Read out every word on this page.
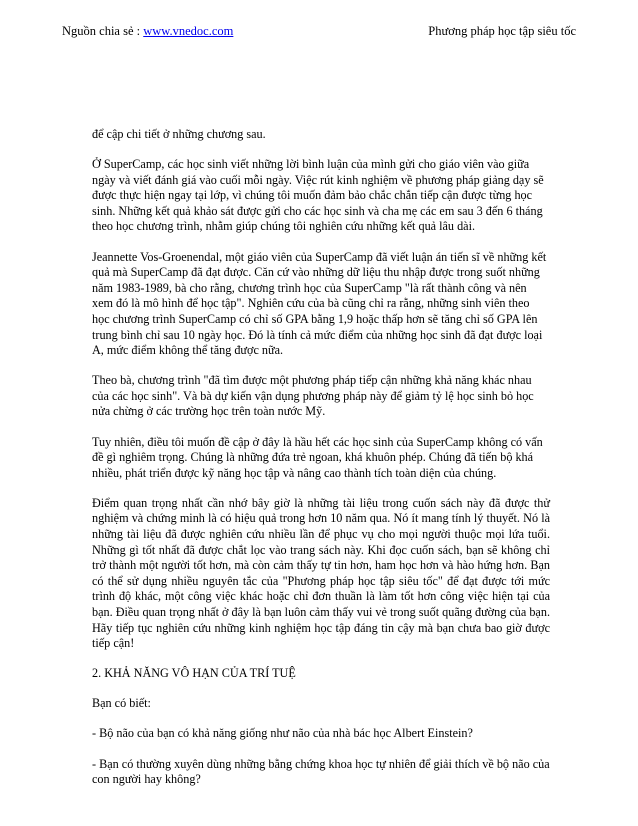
Nguồn chia sẻ : www.vnedoc.com	Phương pháp học tập siêu tốc

để cập chi tiết ở những chương sau.

Ở SuperCamp, các học sinh viết những lời bình luận của mình gửi cho giáo viên vào giữa ngày và viết đánh giá vào cuối mỗi ngày. Việc rút kinh nghiệm về phương pháp giảng dạy sẽ được thực hiện ngay tại lớp, vì chúng tôi muốn đảm bảo chắc chắn tiếp cận được từng học sinh. Những kết quả khảo sát được gửi cho các học sinh và cha mẹ các em sau 3 đến 6 tháng theo học chương trình, nhằm giúp chúng tôi nghiên cứu những kết quả lâu dài.

Jeannette Vos-Groenendal, một giáo viên của SuperCamp đã viết luận án tiến sĩ về những kết quả mà SuperCamp đã đạt được. Căn cứ vào những dữ liệu thu nhập được trong suốt những năm 1983-1989, bà cho rằng, chương trình học của SuperCamp "là rất thành công và nên xem đó là mô hình để học tập". Nghiên cứu của bà cũng chỉ ra rằng, những sinh viên theo học chương trình SuperCamp có chỉ số GPA bằng 1,9 hoặc thấp hơn sẽ tăng chỉ số GPA lên trung bình chỉ sau 10 ngày học. Đó là tính cả mức điểm của những học sinh đã đạt được loại A, mức điểm không thể tăng được nữa.

Theo bà, chương trình "đã tìm được một phương pháp tiếp cận những khả năng khác nhau của các học sinh". Và bà dự kiến vận dụng phương pháp này để giảm tỷ lệ học sinh bỏ học nửa chừng ở các trường học trên toàn nước Mỹ.

Tuy nhiên, điều tôi muốn đề cập ở đây là hầu hết các học sinh của SuperCamp không có vấn đề gì nghiêm trọng. Chúng là những đứa trẻ ngoan, khá khuôn phép. Chúng đã tiến bộ khá nhiều, phát triển được kỹ năng học tập và nâng cao thành tích toàn diện của chúng.

Điểm quan trọng nhất cần nhớ bây giờ là những tài liệu trong cuốn sách này đã được thử nghiệm và chứng minh là có hiệu quả trong hơn 10 năm qua. Nó ít mang tính lý thuyết. Nó là những tài liệu đã được nghiên cứu nhiều lần để phục vụ cho mọi người thuộc mọi lứa tuổi. Những gì tốt nhất đã được chắt lọc vào trang sách này. Khi đọc cuốn sách, bạn sẽ không chỉ trở thành một người tốt hơn, mà còn cảm thấy tự tin hơn, ham học hơn và hào hứng hơn. Bạn có thể sử dụng nhiều nguyên tắc của "Phương pháp học tập siêu tốc" để đạt được tới mức trình độ khác, một công việc khác hoặc chỉ đơn thuần là làm tốt hơn công việc hiện tại của bạn. Điều quan trọng nhất ở đây là bạn luôn cảm thấy vui vẻ trong suốt quãng đường của bạn. Hãy tiếp tục nghiên cứu những kinh nghiệm học tập đáng tin cậy mà bạn chưa bao giờ được tiếp cận!

2. KHẢ NĂNG VÔ HẠN CỦA TRÍ TUỆ

Bạn có biết:

- Bộ não của bạn có khả năng giống như não của nhà bác học Albert Einstein?

- Bạn có thường xuyên dùng những bằng chứng khoa học tự nhiên để giải thích về bộ não của con người hay không?
